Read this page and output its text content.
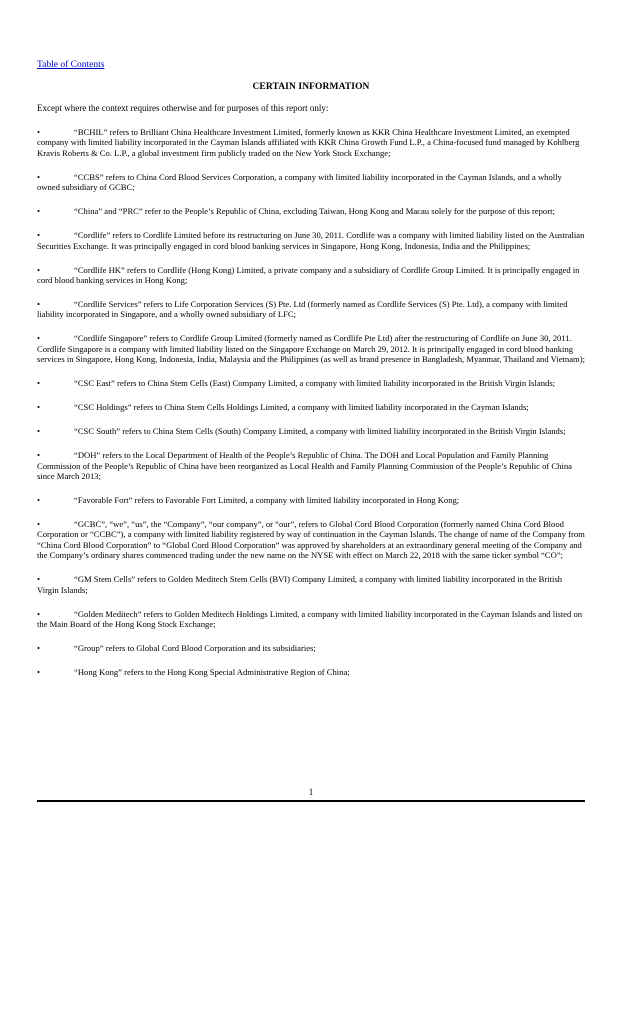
Table of Contents
CERTAIN INFORMATION
Except where the context requires otherwise and for purposes of this report only:
•	“BCHIL” refers to Brilliant China Healthcare Investment Limited, formerly known as KKR China Healthcare Investment Limited, an exempted company with limited liability incorporated in the Cayman Islands affiliated with KKR China Growth Fund L.P., a China-focused fund managed by Kohlberg Kravis Roberts & Co. L.P., a global investment firm publicly traded on the New York Stock Exchange;
•	“CCBS” refers to China Cord Blood Services Corporation, a company with limited liability incorporated in the Cayman Islands, and a wholly owned subsidiary of GCBC;
•	“China” and “PRC” refer to the People’s Republic of China, excluding Taiwan, Hong Kong and Macau solely for the purpose of this report;
•	“Cordlife” refers to Cordlife Limited before its restructuring on June 30, 2011. Cordlife was a company with limited liability listed on the Australian Securities Exchange. It was principally engaged in cord blood banking services in Singapore, Hong Kong, Indonesia, India and the Philippines;
•	“Cordlife HK” refers to Cordlife (Hong Kong) Limited, a private company and a subsidiary of Cordlife Group Limited. It is principally engaged in cord blood banking services in Hong Kong;
•	“Cordlife Services” refers to Life Corporation Services (S) Pte. Ltd (formerly named as Cordlife Services (S) Pte. Ltd), a company with limited liability incorporated in Singapore, and a wholly owned subsidiary of LFC;
•	“Cordlife Singapore” refers to Cordlife Group Limited (formerly named as Cordlife Pte Ltd) after the restructuring of Cordlife on June 30, 2011. Cordlife Singapore is a company with limited liability listed on the Singapore Exchange on March 29, 2012. It is principally engaged in cord blood banking services in Singapore, Hong Kong, Indonesia, India, Malaysia and the Philippines (as well as brand presence in Bangladesh, Myanmar, Thailand and Vietnam);
•	“CSC East” refers to China Stem Cells (East) Company Limited, a company with limited liability incorporated in the British Virgin Islands;
•	“CSC Holdings” refers to China Stem Cells Holdings Limited, a company with limited liability incorporated in the Cayman Islands;
•	“CSC South” refers to China Stem Cells (South) Company Limited, a company with limited liability incorporated in the British Virgin Islands;
•	“DOH” refers to the Local Department of Health of the People’s Republic of China. The DOH and Local Population and Family Planning Commission of the People’s Republic of China have been reorganized as Local Health and Family Planning Commission of the People’s Republic of China since March 2013;
•	“Favorable Fort” refers to Favorable Fort Limited, a company with limited liability incorporated in Hong Kong;
•	“GCBC”, “we”, “us”, the “Company”, “our company”, or “our”, refers to Global Cord Blood Corporation (formerly named China Cord Blood Corporation or “CCBC”), a company with limited liability registered by way of continuation in the Cayman Islands. The change of name of the Company from “China Cord Blood Corporation” to “Global Cord Blood Corporation” was approved by shareholders at an extraordinary general meeting of the Company and the Company’s ordinary shares commenced trading under the new name on the NYSE with effect on March 22, 2018 with the same ticker symbol “CO”;
•	“GM Stem Cells” refers to Golden Meditech Stem Cells (BVI) Company Limited, a company with limited liability incorporated in the British Virgin Islands;
•	“Golden Meditech” refers to Golden Meditech Holdings Limited, a company with limited liability incorporated in the Cayman Islands and listed on the Main Board of the Hong Kong Stock Exchange;
•	“Group” refers to Global Cord Blood Corporation and its subsidiaries;
•	“Hong Kong” refers to the Hong Kong Special Administrative Region of China;
1
